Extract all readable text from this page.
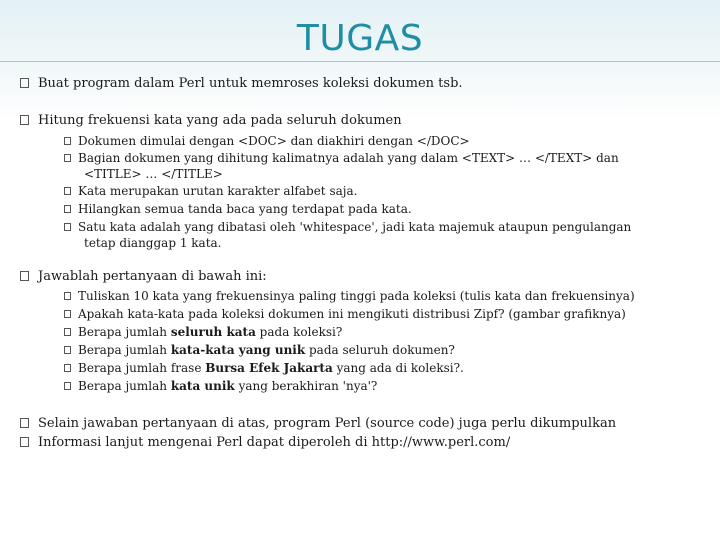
TUGAS
Buat program dalam Perl untuk memroses koleksi dokumen tsb.
Hitung frekuensi kata yang ada pada seluruh dokumen
Dokumen dimulai dengan <DOC> dan diakhiri dengan </DOC>
Bagian dokumen yang dihitung kalimatnya adalah yang dalam <TEXT> … </TEXT> dan
<TITLE> … </TITLE>
Kata merupakan urutan karakter alfabet saja.
Hilangkan semua tanda baca yang terdapat pada kata.
Satu kata adalah yang dibatasi oleh 'whitespace', jadi kata majemuk ataupun pengulangan
tetap dianggap 1 kata.
Jawablah pertanyaan di bawah ini:
Tuliskan 10 kata yang frekuensinya paling tinggi pada koleksi (tulis kata dan frekuensinya)
Apakah kata-kata pada koleksi dokumen ini mengikuti distribusi Zipf? (gambar grafiknya)
Berapa jumlah seluruh kata pada koleksi?
Berapa jumlah kata-kata yang unik pada seluruh dokumen?
Berapa jumlah frase Bursa Efek Jakarta yang ada di koleksi?.
Berapa jumlah kata unik yang berakhiran 'nya'?
Selain jawaban pertanyaan di atas, program Perl (source code) juga perlu dikumpulkan
Informasi lanjut mengenai Perl dapat diperoleh di http://www.perl.com/
